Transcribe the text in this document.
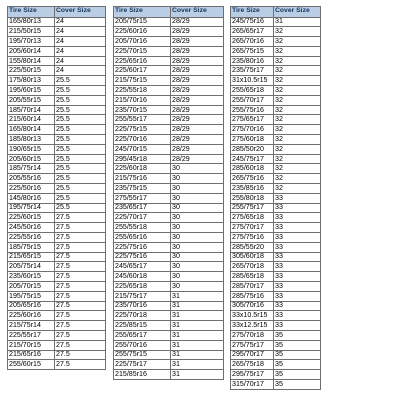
Tire Size	Cover Size
165/80r13	24
215/50r15	24
195/70r13	24
205/60r14	24
155/80r14	24
225/50r15	24
175/80r13	25.5
195/60r15	25.5
205/55r15	25.5
185/70r14	25.5
215/60r14	25.5
165/80r14	25.5
185/80r13	25.5
190/65r15	25.5
205/60r15	25.5
185/75r14	25.5
205/55r16	25.5
225/50r16	25.5
145/80r16	25.5
195/75r14	25.5
225/60r15	27.5
245/50r16	27.5
225/55r16	27.5
185/75r15	27.5
215/65r15	27.5
205/75r14	27.5
235/60r15	27.5
205/70r15	27.5
195/75r15	27.5
205/65r16	27.5
225/60r16	27.5
215/75r14	27.5
225/55r17	27.5
215/70r15	27.5
215/65r16	27.5
255/60r15	27.5
Tire Size	Cover Size
205/75r15	28/29
225/60r16	28/29
205/70r16	28/29
225/70r15	28/29
225/65r16	28/29
225/60r17	28/29
215/75r15	28/29
225/55r18	28/29
215/70r16	28/29
235/70r15	28/29
255/55r17	28/29
225/75r15	28/29
225/70r16	28/29
245/70r15	28/29
295/45r18	28/29
225/60r18	30
215/75r16	30
235/75r15	30
275/55r17	30
235/65r17	30
225/70r17	30
255/55r18	30
255/65r16	30
225/75r16	30
225/75r16	30
245/65r17	30
245/60r18	30
225/65r18	30
215/75r17	31
235/70r16	31
225/70r18	31
225/85r15	31
255/65r17	31
255/70r16	31
255/75r15	31
225/75r17	31
215/85r16	31
Tire Size	Cover Size
245/75r16	31
265/65r17	32
265/70r16	32
265/75r15	32
235/80r16	32
235/75r17	32
31x10.5r15	32
255/65r18	32
255/70r17	32
255/75r16	32
275/65r17	32
275/70r16	32
275/60r18	32
285/50r20	32
245/75r17	32
285/60r18	32
265/75r16	32
235/85r16	32
255/80r18	33
255/75r17	33
275/65r18	33
275/70r17	33
275/75r16	33
285/55r20	33
305/60r18	33
265/70r18	33
285/65r18	33
285/70r17	33
285/75r16	33
305/70r16	33
33x10.5r15	33
33x12.5r15	33
275/70r18	35
275/75r17	35
295/70r17	35
265/75r18	35
295/75r17	35
315/70r17	35
